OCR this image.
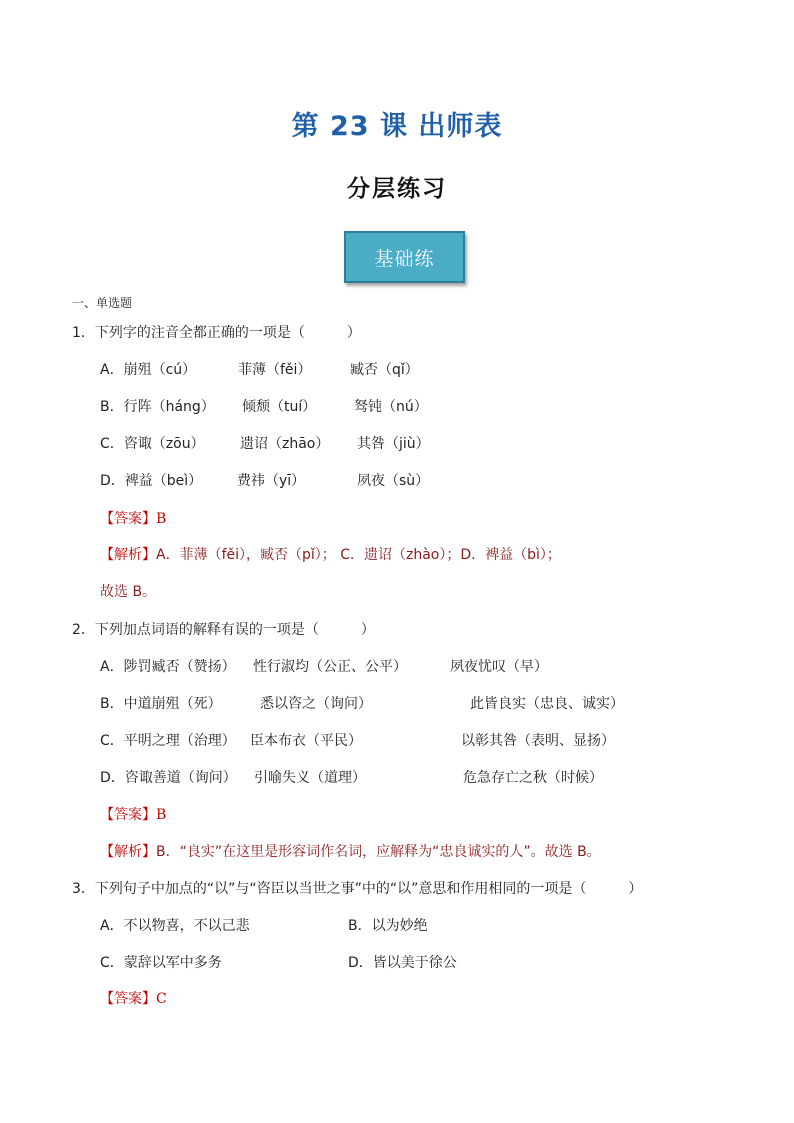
第 23 课 出师表
分层练习
基础练
一、单选题
1．下列字的注音全都正确的一项是（　　　）
A．崩殂（cú）	菲薄（fěi）	臧否（qǐ）
B．行阵（háng） 倾颓（tuí）	驽钝（nú）
C．咨诹（zōu）	遗诏（zhāo） 其咎（jiù）
D．裨益（beì） 费祎（yī）	夙夜（sù）
【答案】B
【解析】A．菲薄（fěi），臧否（pǐ）； C．遗诏（zhào）；D．裨益（bì）；
故选 B。
2．下列加点词语的解释有误的一项是（　　　）
A．陟罚臧否（赞扬） 性行淑均（公正、公平）	夙夜忧叹（早）
B．中道崩殂（死）	悉以咨之（询问）	此皆良实（忠良、诚实）
C．平明之理（治理） 臣本布衣（平民）	以彰其咎（表明、显扬）
D．咨诹善道（询问） 引喻失义（道理）	危急存亡之秋（时候）
【答案】B
【解析】B．“良实”在这里是形容词作名词，应解释为“忠良诚实的人”。故选 B。
3．下列句子中加点的“以”与“咨臣以当世之事”中的“以”意思和作用相同的一项是（　　　）
A．不以物喜，不以己悲	B．以为妙绝
C．蒙辞以军中多务	D．皆以美于徐公
【答案】C
